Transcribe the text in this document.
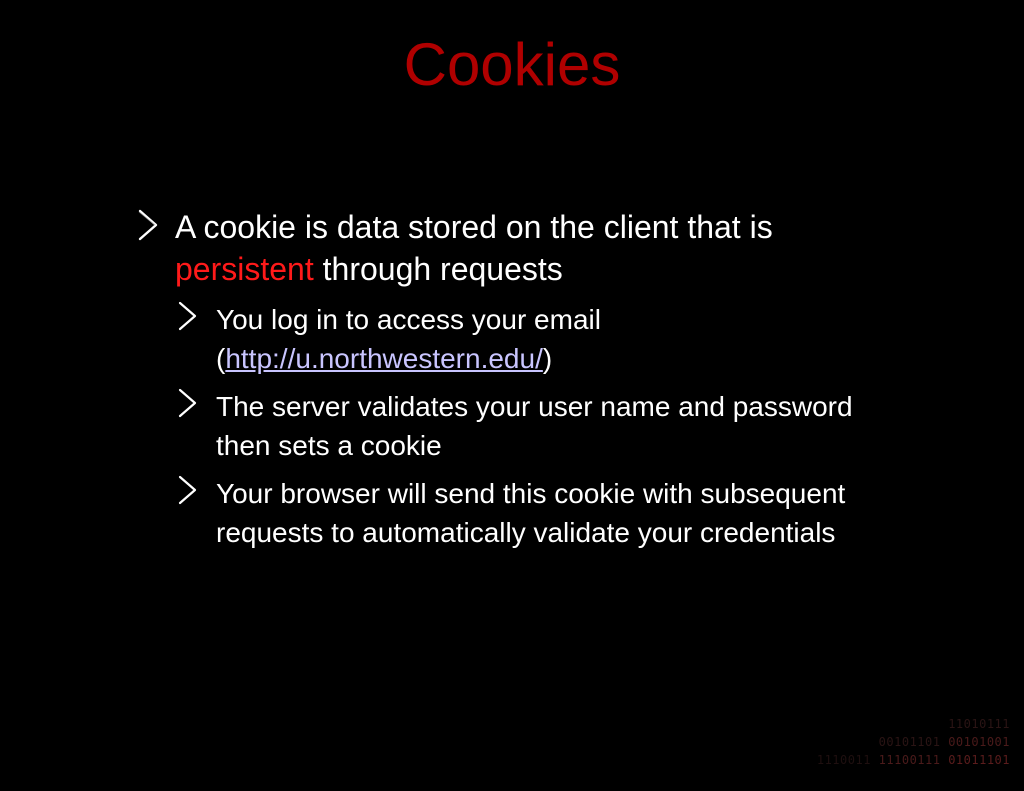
Cookies
A cookie is data stored on the client that is
persistent through requests
You log in to access your email (http://u.northwestern.edu/)
The server validates your user name and password then sets a cookie
Your browser will send this cookie with subsequent requests to automatically validate your credentials
11010111
00101101 00101001
1110011 11100111 01011101
